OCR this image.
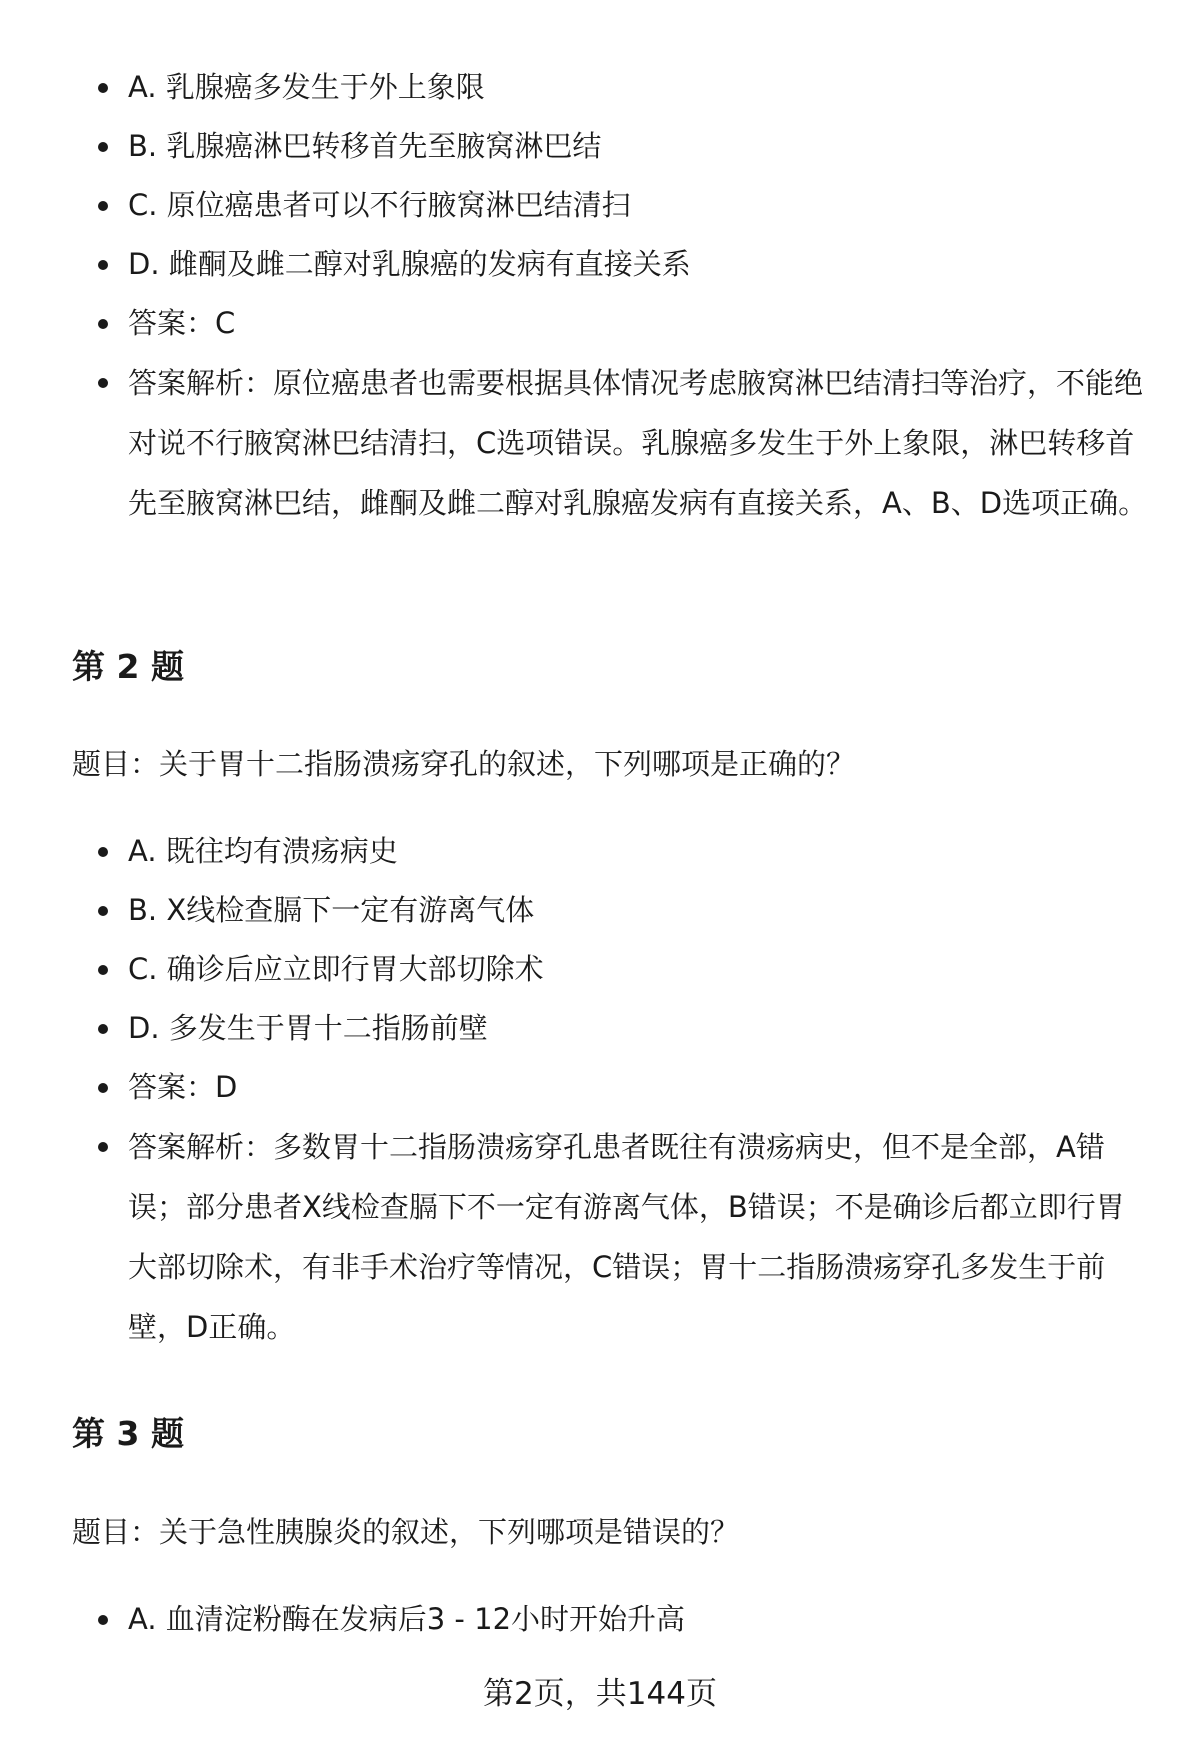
A. 乳腺癌多发生于外上象限
B. 乳腺癌淋巴转移首先至腋窝淋巴结
C. 原位癌患者可以不行腋窝淋巴结清扫
D. 雌酮及雌二醇对乳腺癌的发病有直接关系
答案：C
答案解析：原位癌患者也需要根据具体情况考虑腋窝淋巴结清扫等治疗，不能绝对说不行腋窝淋巴结清扫，C选项错误。乳腺癌多发生于外上象限，淋巴转移首先至腋窝淋巴结，雌酮及雌二醇对乳腺癌发病有直接关系，A、B、D选项正确。
第 2 题
题目：关于胃十二指肠溃疡穿孔的叙述，下列哪项是正确的？
A. 既往均有溃疡病史
B. X线检查膈下一定有游离气体
C. 确诊后应立即行胃大部切除术
D. 多发生于胃十二指肠前壁
答案：D
答案解析：多数胃十二指肠溃疡穿孔患者既往有溃疡病史，但不是全部，A错误；部分患者X线检查膈下不一定有游离气体，B错误；不是确诊后都立即行胃大部切除术，有非手术治疗等情况，C错误；胃十二指肠溃疡穿孔多发生于前壁，D正确。
第 3 题
题目：关于急性胰腺炎的叙述，下列哪项是错误的？
A. 血清淀粉酶在发病后3 - 12小时开始升高
第2页，共144页
